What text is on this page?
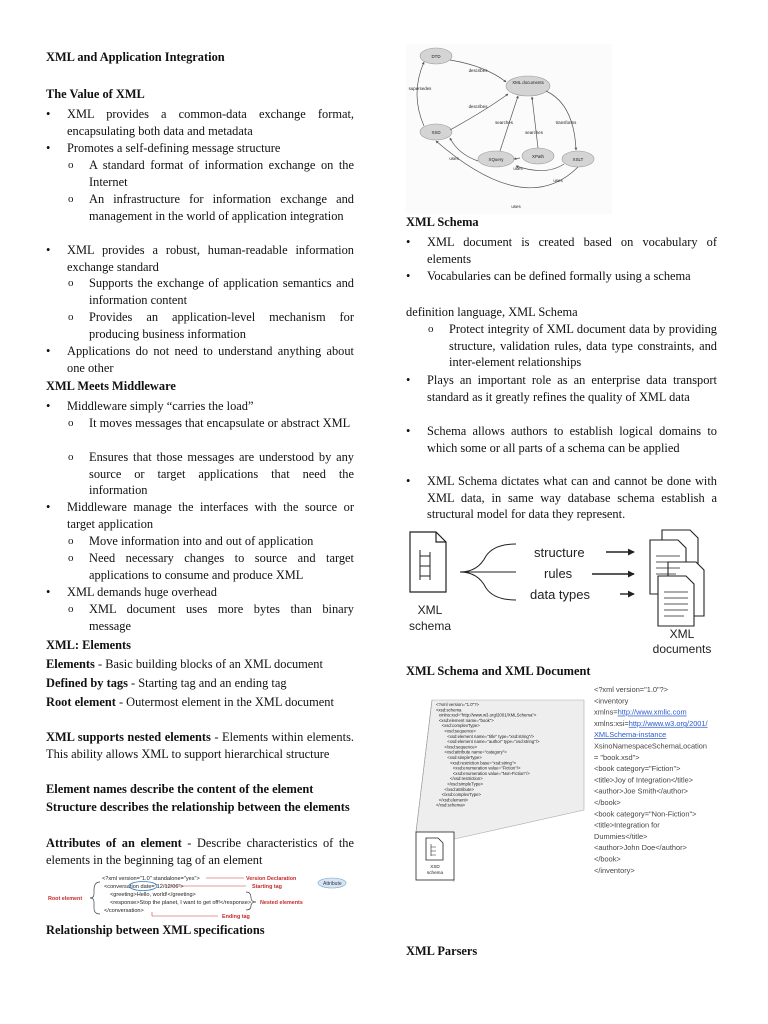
XML and Application Integration
The Value of XML
• XML provides a common-data exchange format, encapsulating both data and metadata
• Promotes a self-defining message structure
o A standard format of information exchange on the Internet
o An infrastructure for information exchange and management in the world of application integration
• XML provides a robust, human-readable information exchange standard
o Supports the exchange of application semantics and information content
o Provides an application-level mechanism for producing business information
• Applications do not need to understand anything about one other
XML Meets Middleware
• Middleware simply “carries the load”
o It moves messages that encapsulate or abstract XML
o Ensures that those messages are understood by any source or target applications that need the information
• Middleware manage the interfaces with the source or target application
o Move information into and out of application
o Need necessary changes to source and target applications to consume and produce XML
• XML demands huge overhead
o XML document uses more bytes than binary message
XML: Elements
Elements - Basic building blocks of an XML document
Defined by tags - Starting tag and an ending tag
Root element - Outermost element in the XML document
XML supports nested elements - Elements within elements. This ability allows XML to support hierarchical structure
Element names describe the content of the element
Structure describes the relationship between the elements
Attributes of an element - Describe characteristics of the elements in the beginning tag of an element
<?xml version="1.0" standalone="yes">
<conversation date="12/12/06">
<greeting>Hello, world!</greeting>
<response>Stop the planet, I want to get off!</response>
</conversation>
Root element
Version Declaration
Starting tag
Nested elements
Ending tag
Attribute
Relationship between XML specifications
DTD
XML documents
XSD
XQuery
XPath
XSLT
describes
describes
supersedes
searches
searches
transforms
uses
uses
uses
uses
XML Schema
• XML document is created based on vocabulary of elements
• Vocabularies can be defined formally using a schema
definition language, XML Schema
o Protect integrity of XML document data by providing structure, validation rules, data type constraints, and inter-element relationships
• Plays an important role as an enterprise data transport standard as it greatly refines the quality of XML data
• Schema allows authors to establish logical domains to which some or all parts of a schema can be applied
• XML Schema dictates what can and cannot be done with XML data, in same way database schema establish a structural model for data they represent.
XML
schema
structure
rules
data types
XML
documents
XML Schema and XML Document
XSD
schema
<?xml version="1.0"?>
<xsd:schema
xmlns:xsd="http://www.w3.org/2001/XMLSchema">
<xsd:element name="book">
<xsd:complexType>
<xsd:sequence>
<xsd:element name="title" type="xsd:string"/>
<xsd:element name="author" type="xsd:string"/>
</xsd:sequence>
<xsd:attribute name="category">
<xsd:simpleType>
<xsd:restriction base="xsd:string">
<xsd:enumeration value="Fiction"/>
<xsd:enumeration value="Non-Fiction"/>
</xsd:restriction>
</xsd:simpleType>
</xsd:attribute>
</xsd:complexType>
</xsd:element>
</xsd:schema>
<?xml version="1.0"?>
<inventory
xmlns=http://www.xmlic.com
xmlns:xsi=http://www.w3.org/2001/
XsinoNamespaceSchemaLocation
= "book.xsd">
<book category="Fiction">
<title>Joy of Integration</title>
<author>Joe Smith</author>
</book>
<book category="Non-Fiction">
<title>Integration for
Dummies</title>
<author>John Doe</author>
</book>
</inventory>
XMLSchema-instance
XML Parsers
